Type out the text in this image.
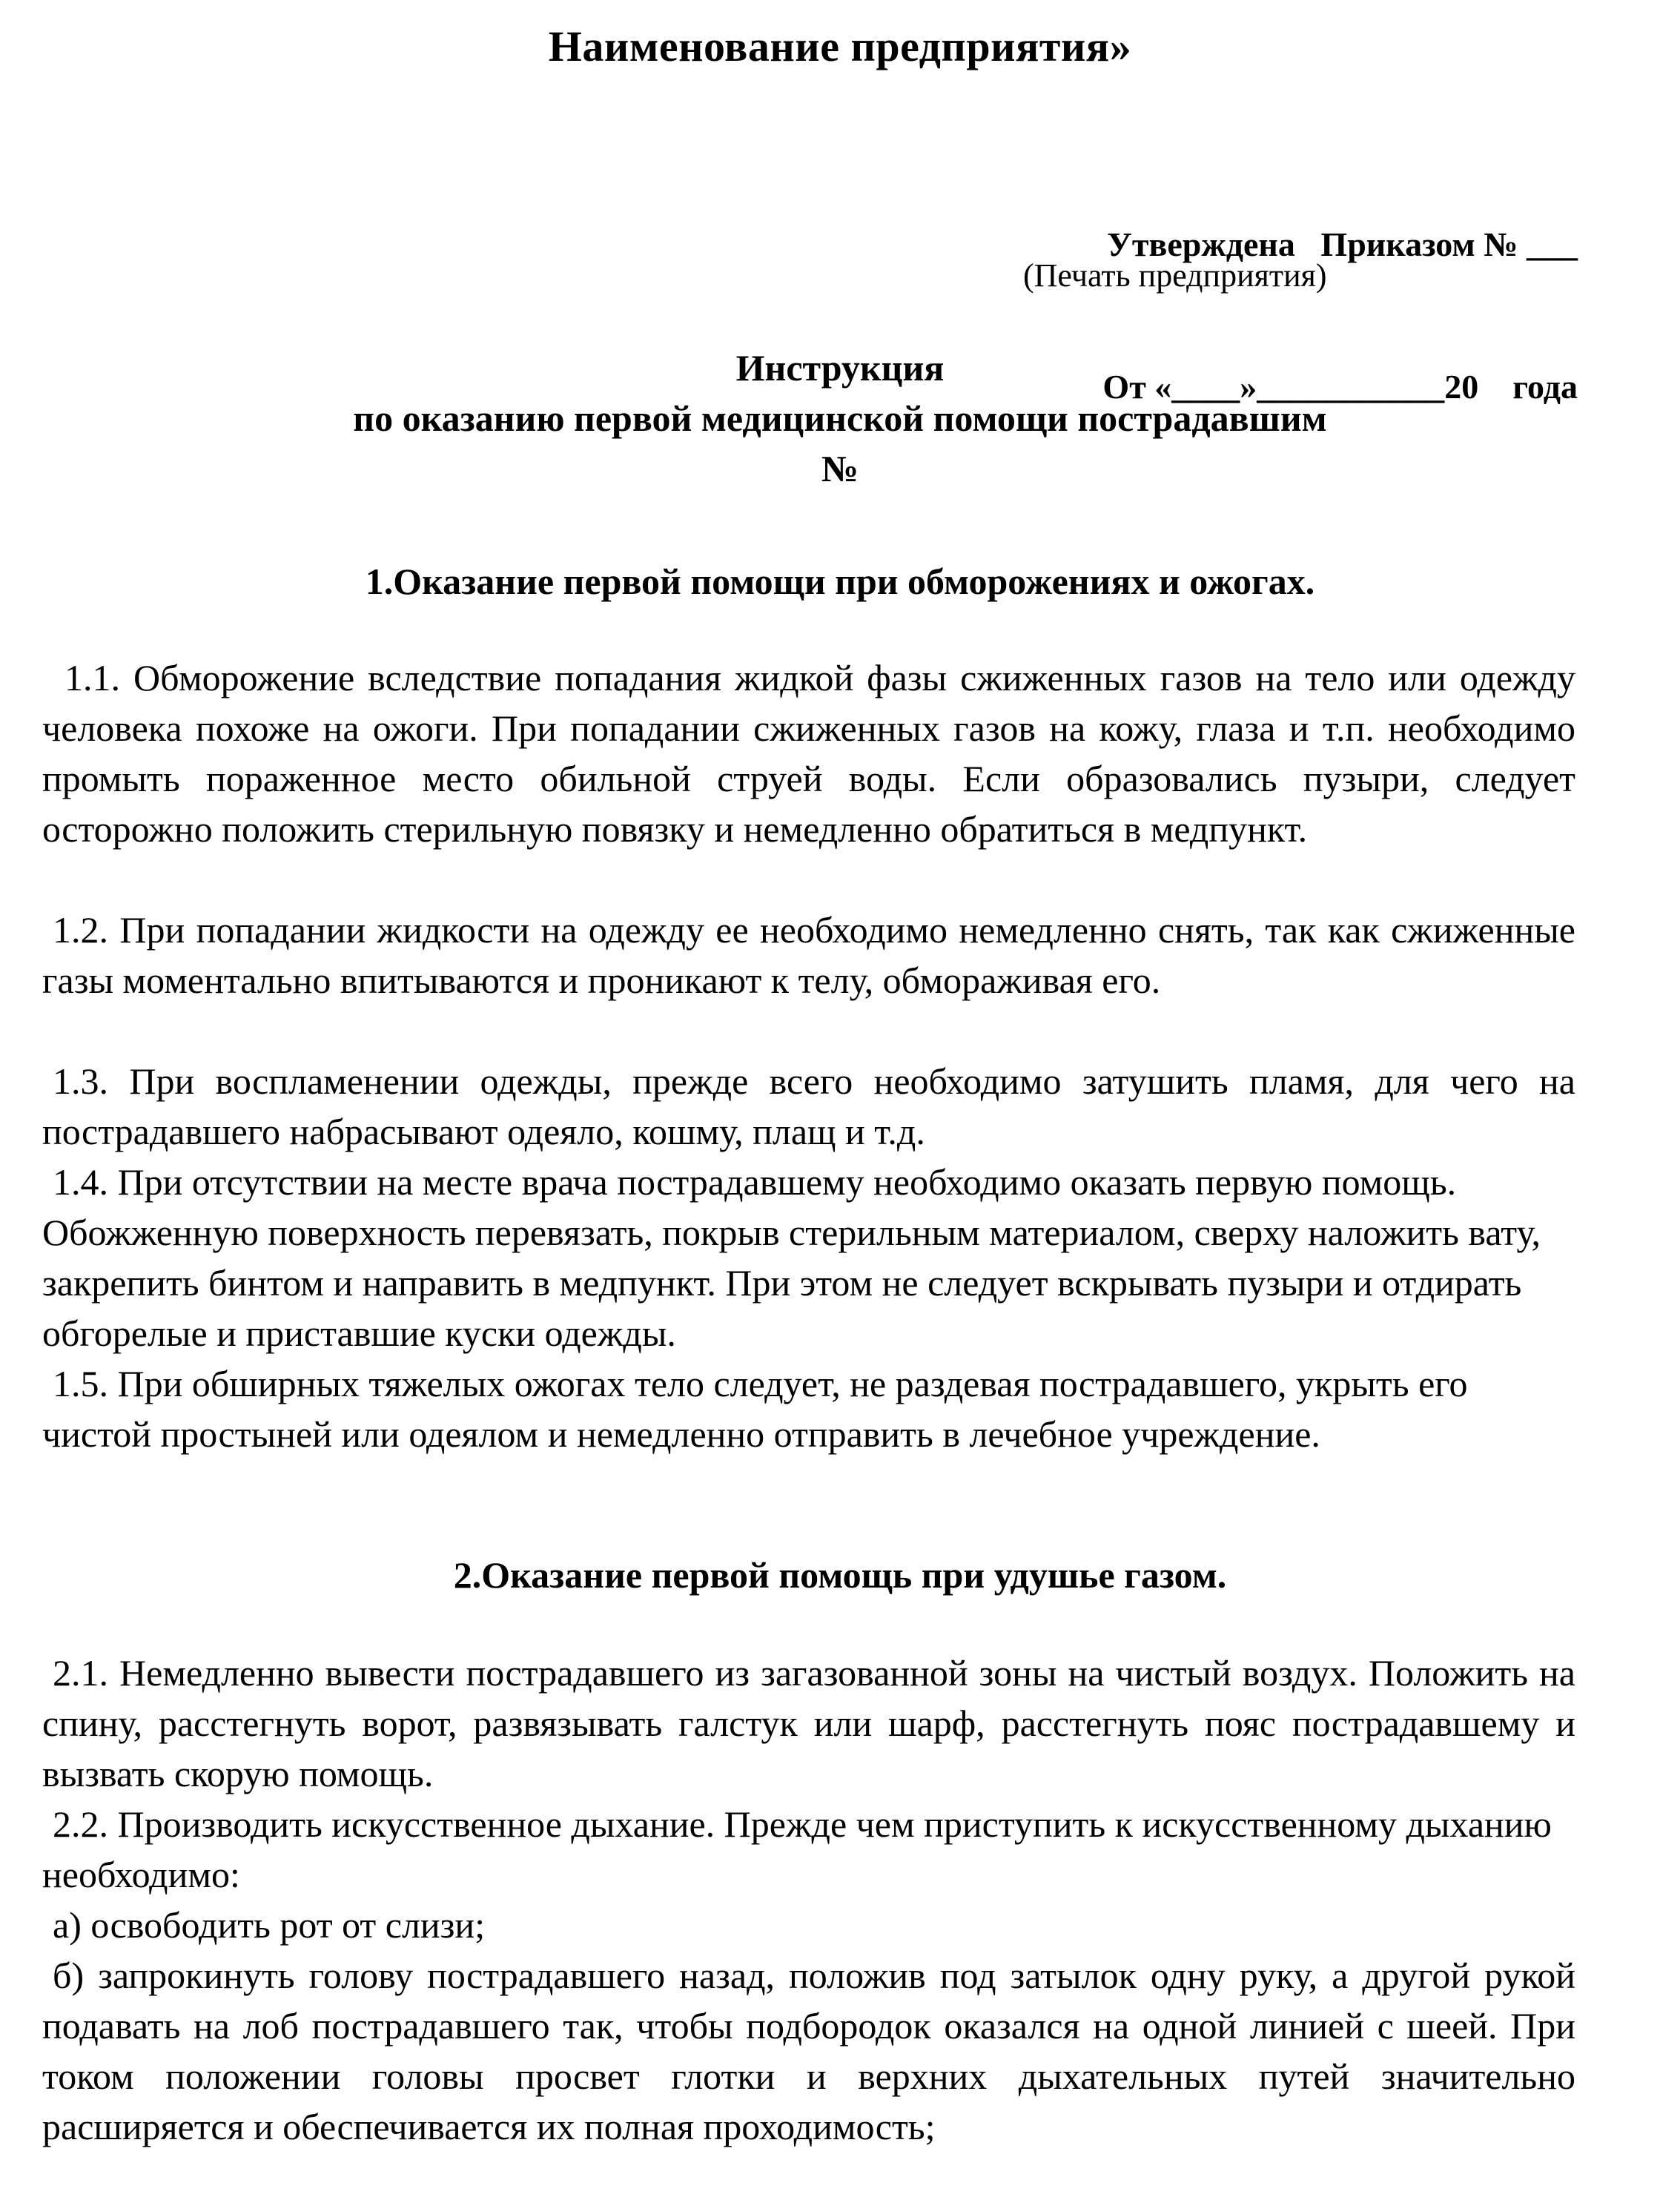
Наименование предприятия»

Утверждена   Приказом № ___

От «____»___________20    года

(Печать предприятия)
Инструкция
по оказанию первой медицинской помощи пострадавшим
№
1.Оказание первой помощи при обморожениях и ожогах.
1.1. Обморожение вследствие попадания жидкой фазы сжиженных газов на тело или одежду человека похоже на ожоги. При попадании сжиженных газов на кожу, глаза и т.п. необходимо промыть пораженное место обильной струей воды. Если образовались пузыри, следует осторожно положить стерильную повязку и немедленно обратиться в медпункт.
1.2. При попадании жидкости на одежду ее необходимо немедленно снять, так как сжиженные газы моментально впитываются и проникают к телу, обмораживая его.
1.3. При воспламенении одежды, прежде всего необходимо затушить пламя, для чего на пострадавшего набрасывают одеяло, кошму, плащ и т.д.
1.4. При отсутствии на месте врача пострадавшему необходимо оказать первую помощь. Обожженную поверхность перевязать, покрыв стерильным материалом, сверху наложить вату, закрепить бинтом и направить в медпункт. При этом не следует вскрывать пузыри и отдирать обгорелые и приставшие куски одежды.
1.5. При обширных тяжелых ожогах тело следует, не раздевая пострадавшего, укрыть его чистой простыней или одеялом и немедленно отправить в лечебное учреждение.
2.Оказание первой помощь при удушье газом.
2.1. Немедленно вывести пострадавшего из загазованной зоны на чистый воздух. Положить на спину, расстегнуть ворот, развязывать галстук или шарф, расстегнуть пояс пострадавшему и вызвать скорую помощь.
2.2. Производить искусственное дыхание. Прежде чем приступить к искусственному дыханию необходимо:
а) освободить рот от слизи;
б) запрокинуть голову пострадавшего назад, положив под затылок одну руку, а другой рукой подавать на лоб пострадавшего так, чтобы подбородок оказался на одной линией с шеей. При током положении головы просвет глотки и верхних дыхательных путей значительно расширяется и обеспечивается их полная проходимость;
